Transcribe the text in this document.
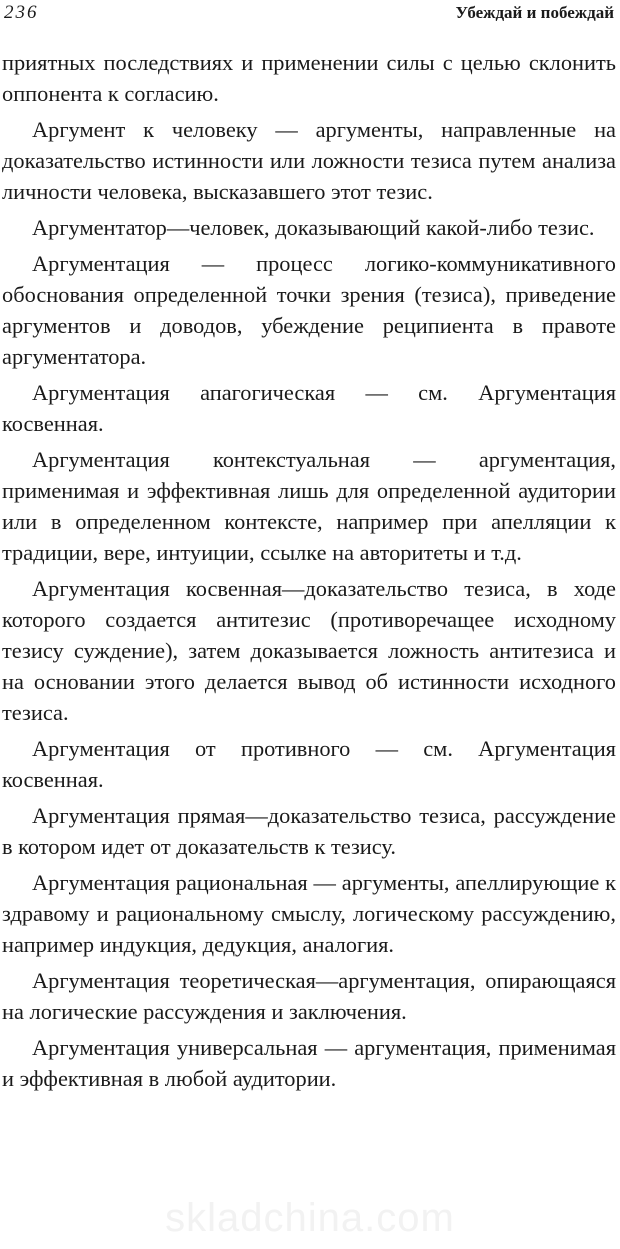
236	Убеждай и побеждай

приятных последствиях и применении силы с целью склонить оппонента к согласию.

Аргумент к человеку — аргументы, направленные на доказательство истинности или ложности тезиса путем анализа личности человека, высказавшего этот тезис.

Аргументатор—человек, доказывающий какой-либо тезис.

Аргументация — процесс логико-коммуникативного обоснования определенной точки зрения (тезиса), приведение аргументов и доводов, убеждение реципиента в правоте аргументатора.

Аргументация апагогическая — см. Аргументация косвенная.

Аргументация контекстуальная — аргументация, применимая и эффективная лишь для определенной аудитории или в определенном контексте, например при апелляции к традиции, вере, интуиции, ссылке на авторитеты и т.д.

Аргументация косвенная—доказательство тезиса, в ходе которого создается антитезис (противоречащее исходному тезису суждение), затем доказывается ложность антитезиса и на основании этого делается вывод об истинности исходного тезиса.

Аргументация от противного — см. Аргументация косвенная.

Аргументация прямая—доказательство тезиса, рассуждение в котором идет от доказательств к тезису.

Аргументация рациональная — аргументы, апеллирующие к здравому и рациональному смыслу, логическому рассуждению, например индукция, дедукция, аналогия.

Аргументация теоретическая—аргументация, опирающаяся на логические рассуждения и заключения.

Аргументация универсальная — аргументация, применимая и эффективная в любой аудитории.

skladchina.com
